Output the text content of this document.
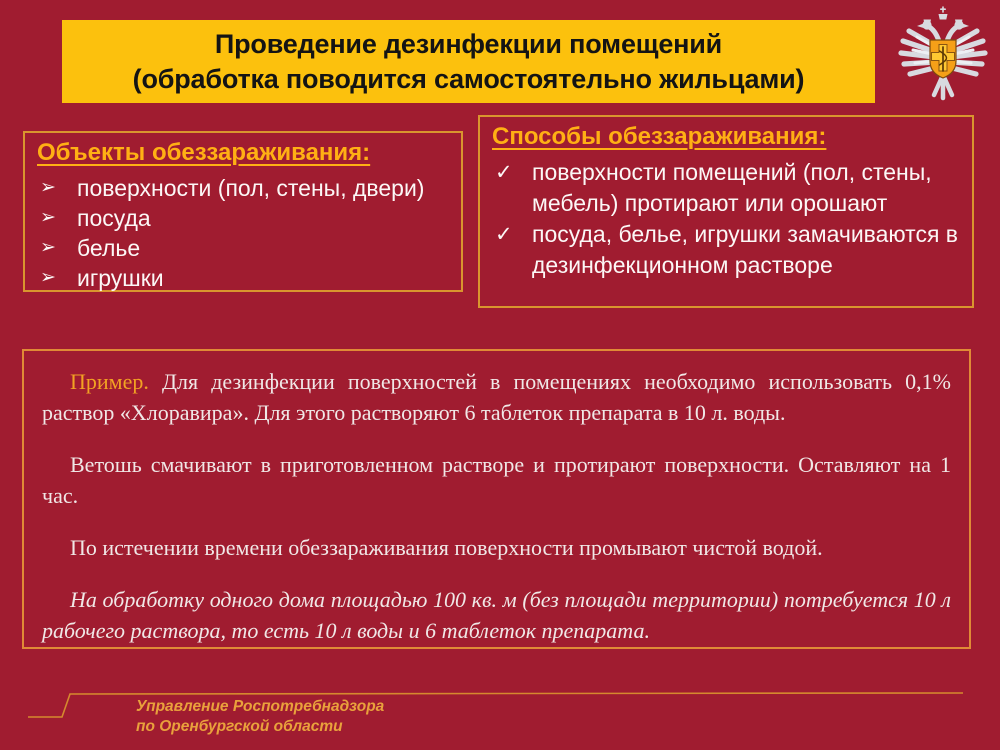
Проведение дезинфекции помещений
(обработка поводится самостоятельно жильцами)
Объекты обеззараживания:
➢ поверхности (пол, стены, двери)
➢ посуда
➢ белье
➢ игрушки
Способы обеззараживания:
✓ поверхности помещений (пол, стены, мебель) протирают или орошают
✓ посуда, белье, игрушки замачиваются в дезинфекционном растворе

Пример. Для дезинфекции поверхностей в помещениях необходимо использовать 0,1% раствор «Хлоравира». Для этого растворяют 6 таблеток препарата в 10 л. воды.

Ветошь смачивают в приготовленном растворе и протирают поверхности. Оставляют на 1 час.

По истечении времени обеззараживания поверхности промывают чистой водой.

На обработку одного дома площадью 100 кв. м (без площади территории) потребуется 10 л рабочего раствора, то есть 10 л воды и 6 таблеток препарата.

Управление Роспотребнадзора
по Оренбургской области
